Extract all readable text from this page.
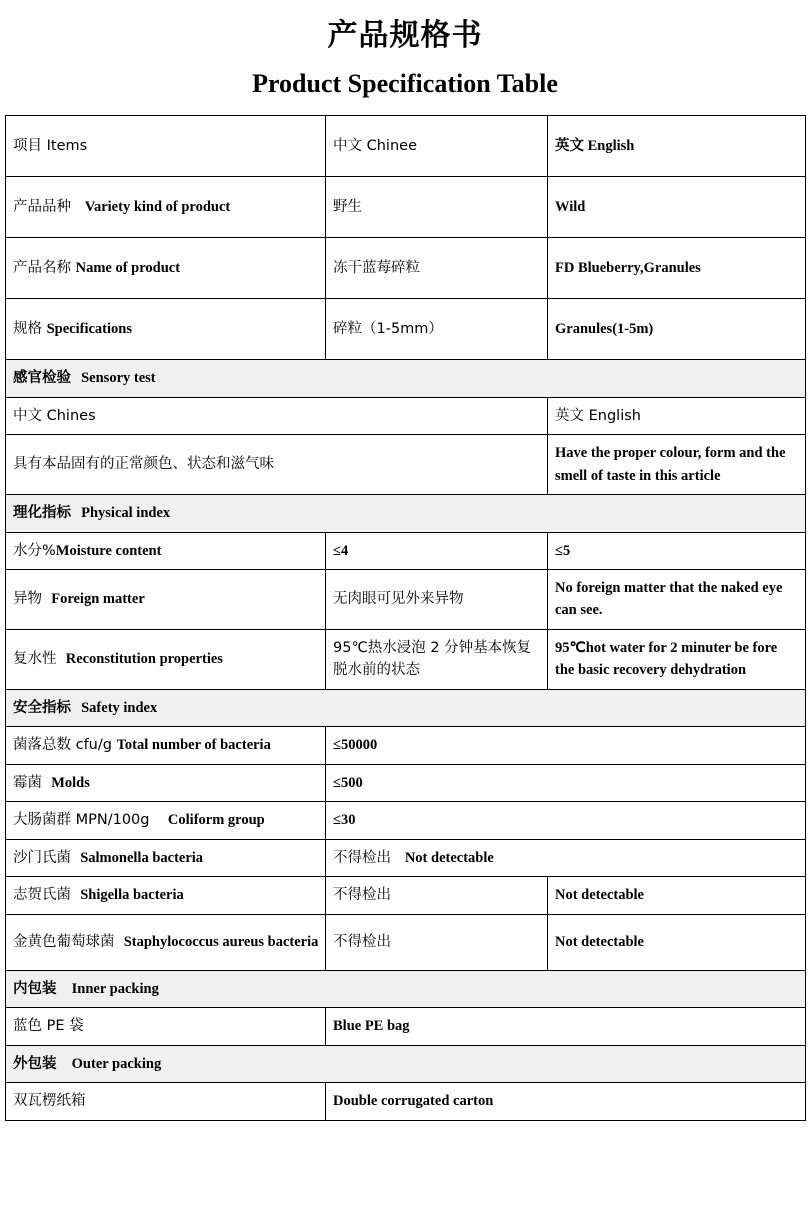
产品规格书
Product Specification Table
项目 Items	中文 Chinee	英文 English
产品品种 Variety kind of product	野生	Wild
产品名称 Name of product	冻干蓝莓碎粒	FD Blueberry,Granules
规格 Specifications	碎粒（1-5mm）	Granules(1-5m)
感官检验 Sensory test		
中文 Chines		英文 English
具有本品固有的正常颜色、状态和滋气味		Have the proper colour, form and the smell of taste in this article
理化指标 Physical index		
水分%Moisture content	≤4	≤5
异物 Foreign matter	无肉眼可见外来异物	No foreign matter that the naked eye can see.
复水性 Reconstitution properties	95℃热水浸泡 2 分钟基本恢复脱水前的状态	95℃hot water for 2 minuter be fore the basic recovery dehydration
安全指标 Safety index		
菌落总数 cfu/g Total number of bacteria	≤50000	
霉菌 Molds	≤500	
大肠菌群 MPN/100g Coliform group	≤30	
沙门氏菌 Salmonella bacteria	不得检出 Not detectable	
志贺氏菌 Shigella bacteria	不得检出	Not detectable
金黄色葡萄球菌 Staphylococcus aureus bacteria	不得检出	Not detectable
内包装 Inner packing		
蓝色 PE 袋	Blue PE bag	
外包装 Outer packing		
双瓦楞纸箱	Double corrugated carton	
